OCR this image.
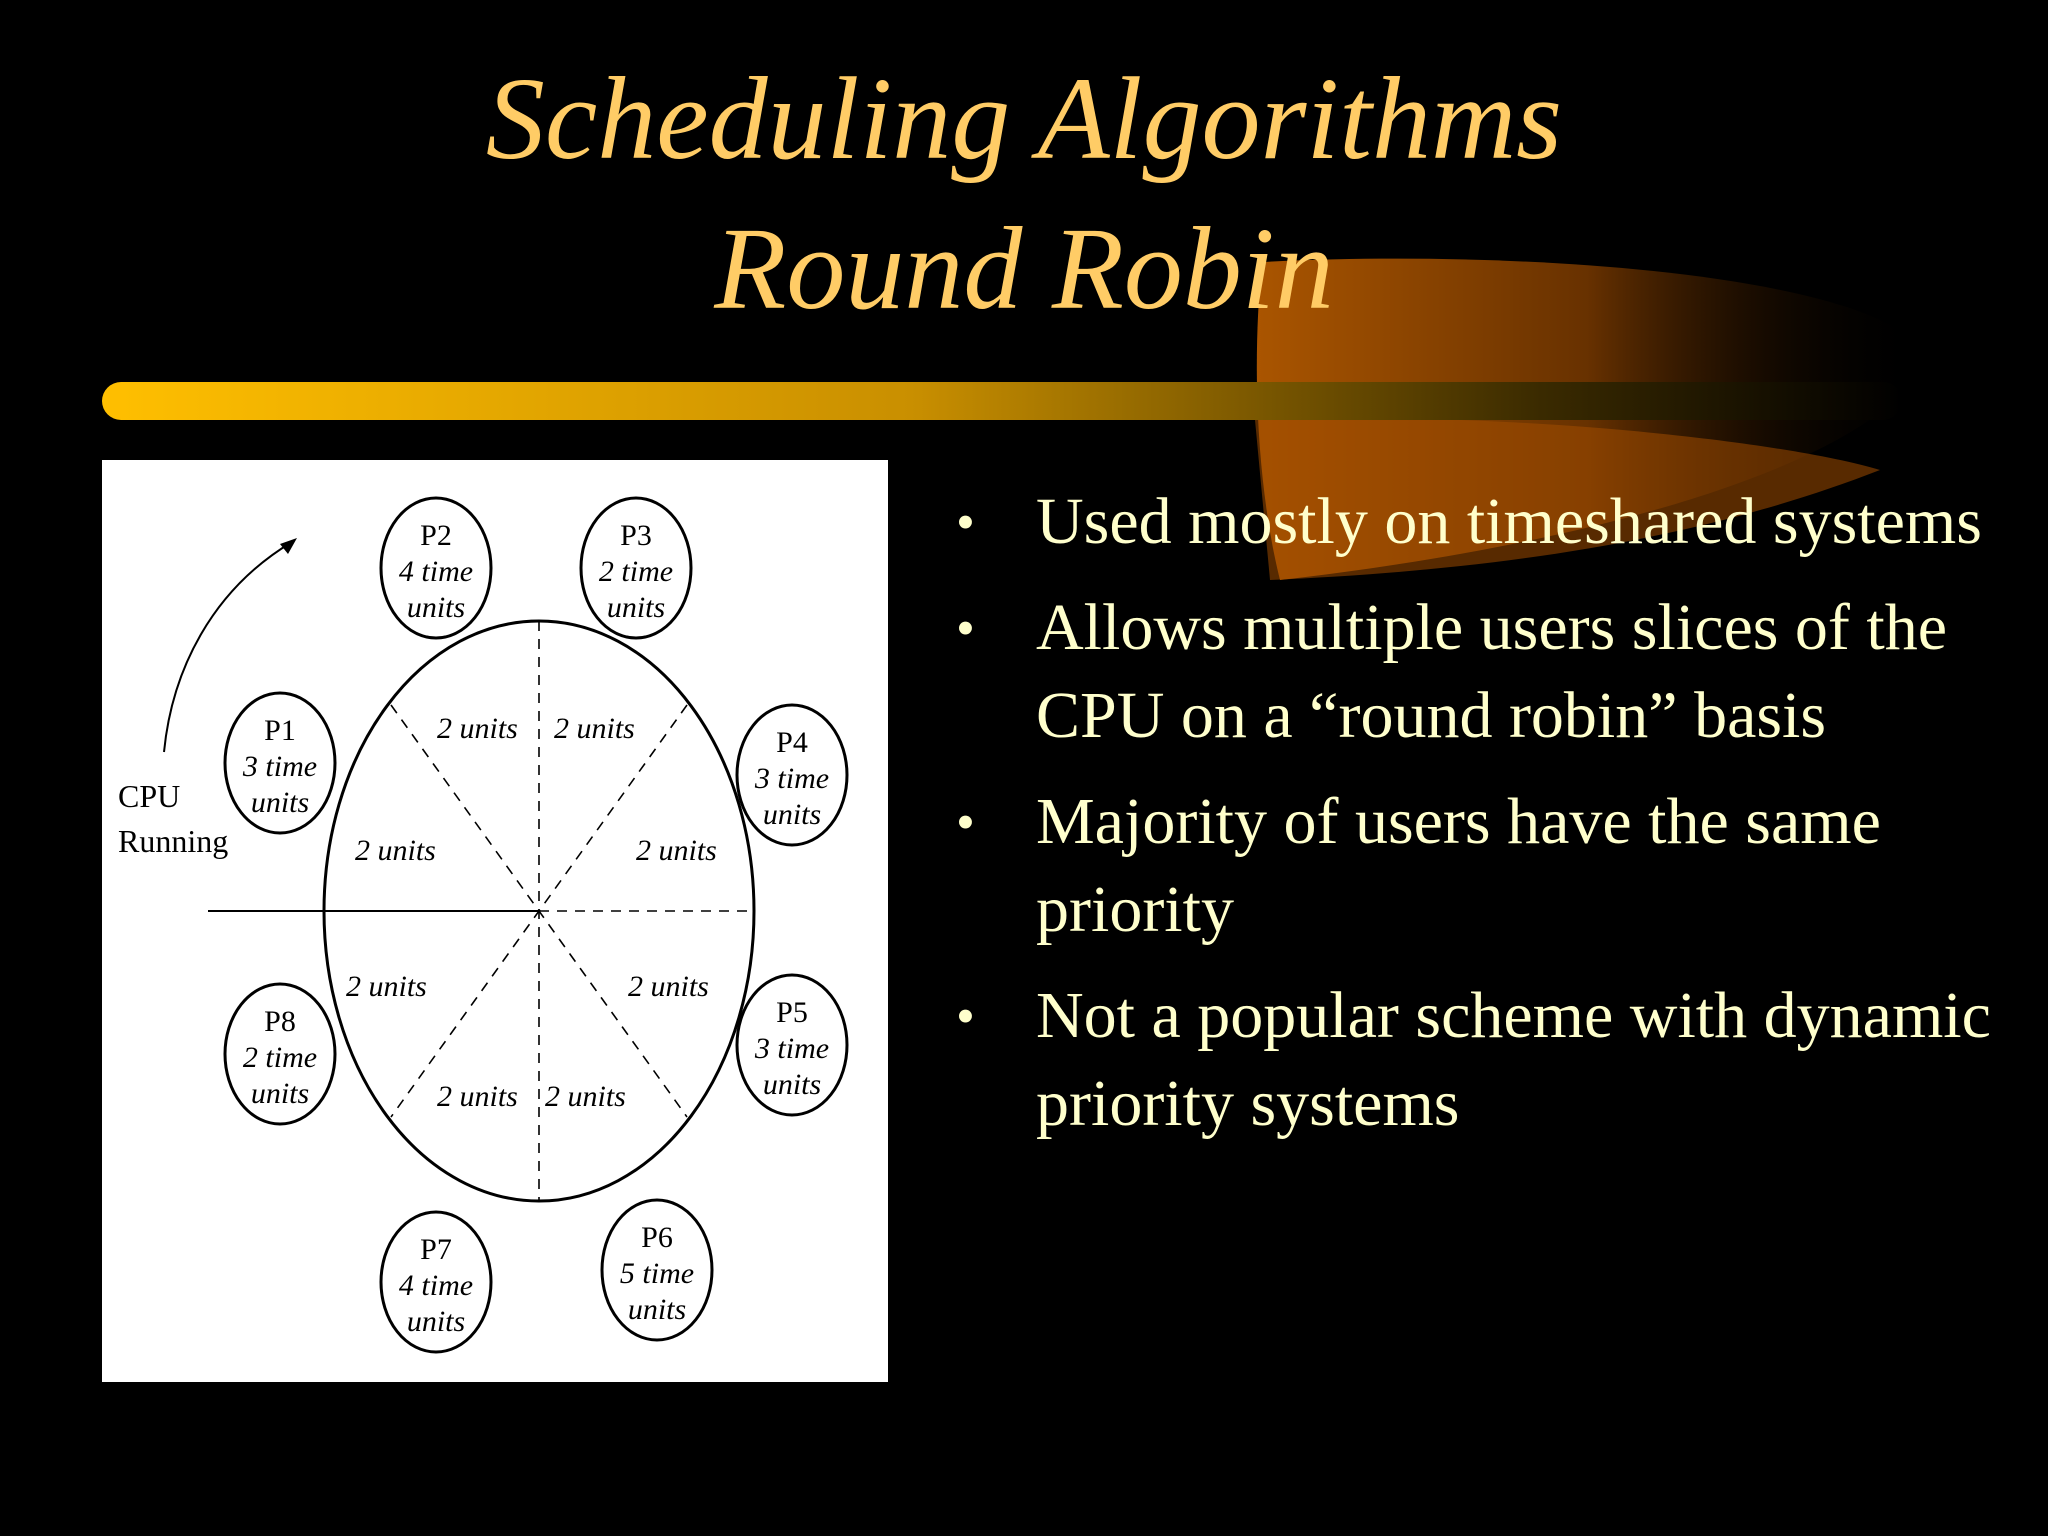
Scheduling Algorithms
Round Robin
CPU
Running
2 units 2 units
2 units	2 units
2 units	2 units
2 units 2 units
P1
3 time
units
P2
4 time
units
P3
2 time
units
P4
3 time
units
P5
3 time
units
P6
5 time
units
P7
4 time
units
P8
2 time
units
• Used mostly on timeshared systems
• Allows multiple users slices of the CPU on a “round robin” basis
• Majority of users have the same priority
• Not a popular scheme with dynamic priority systems
